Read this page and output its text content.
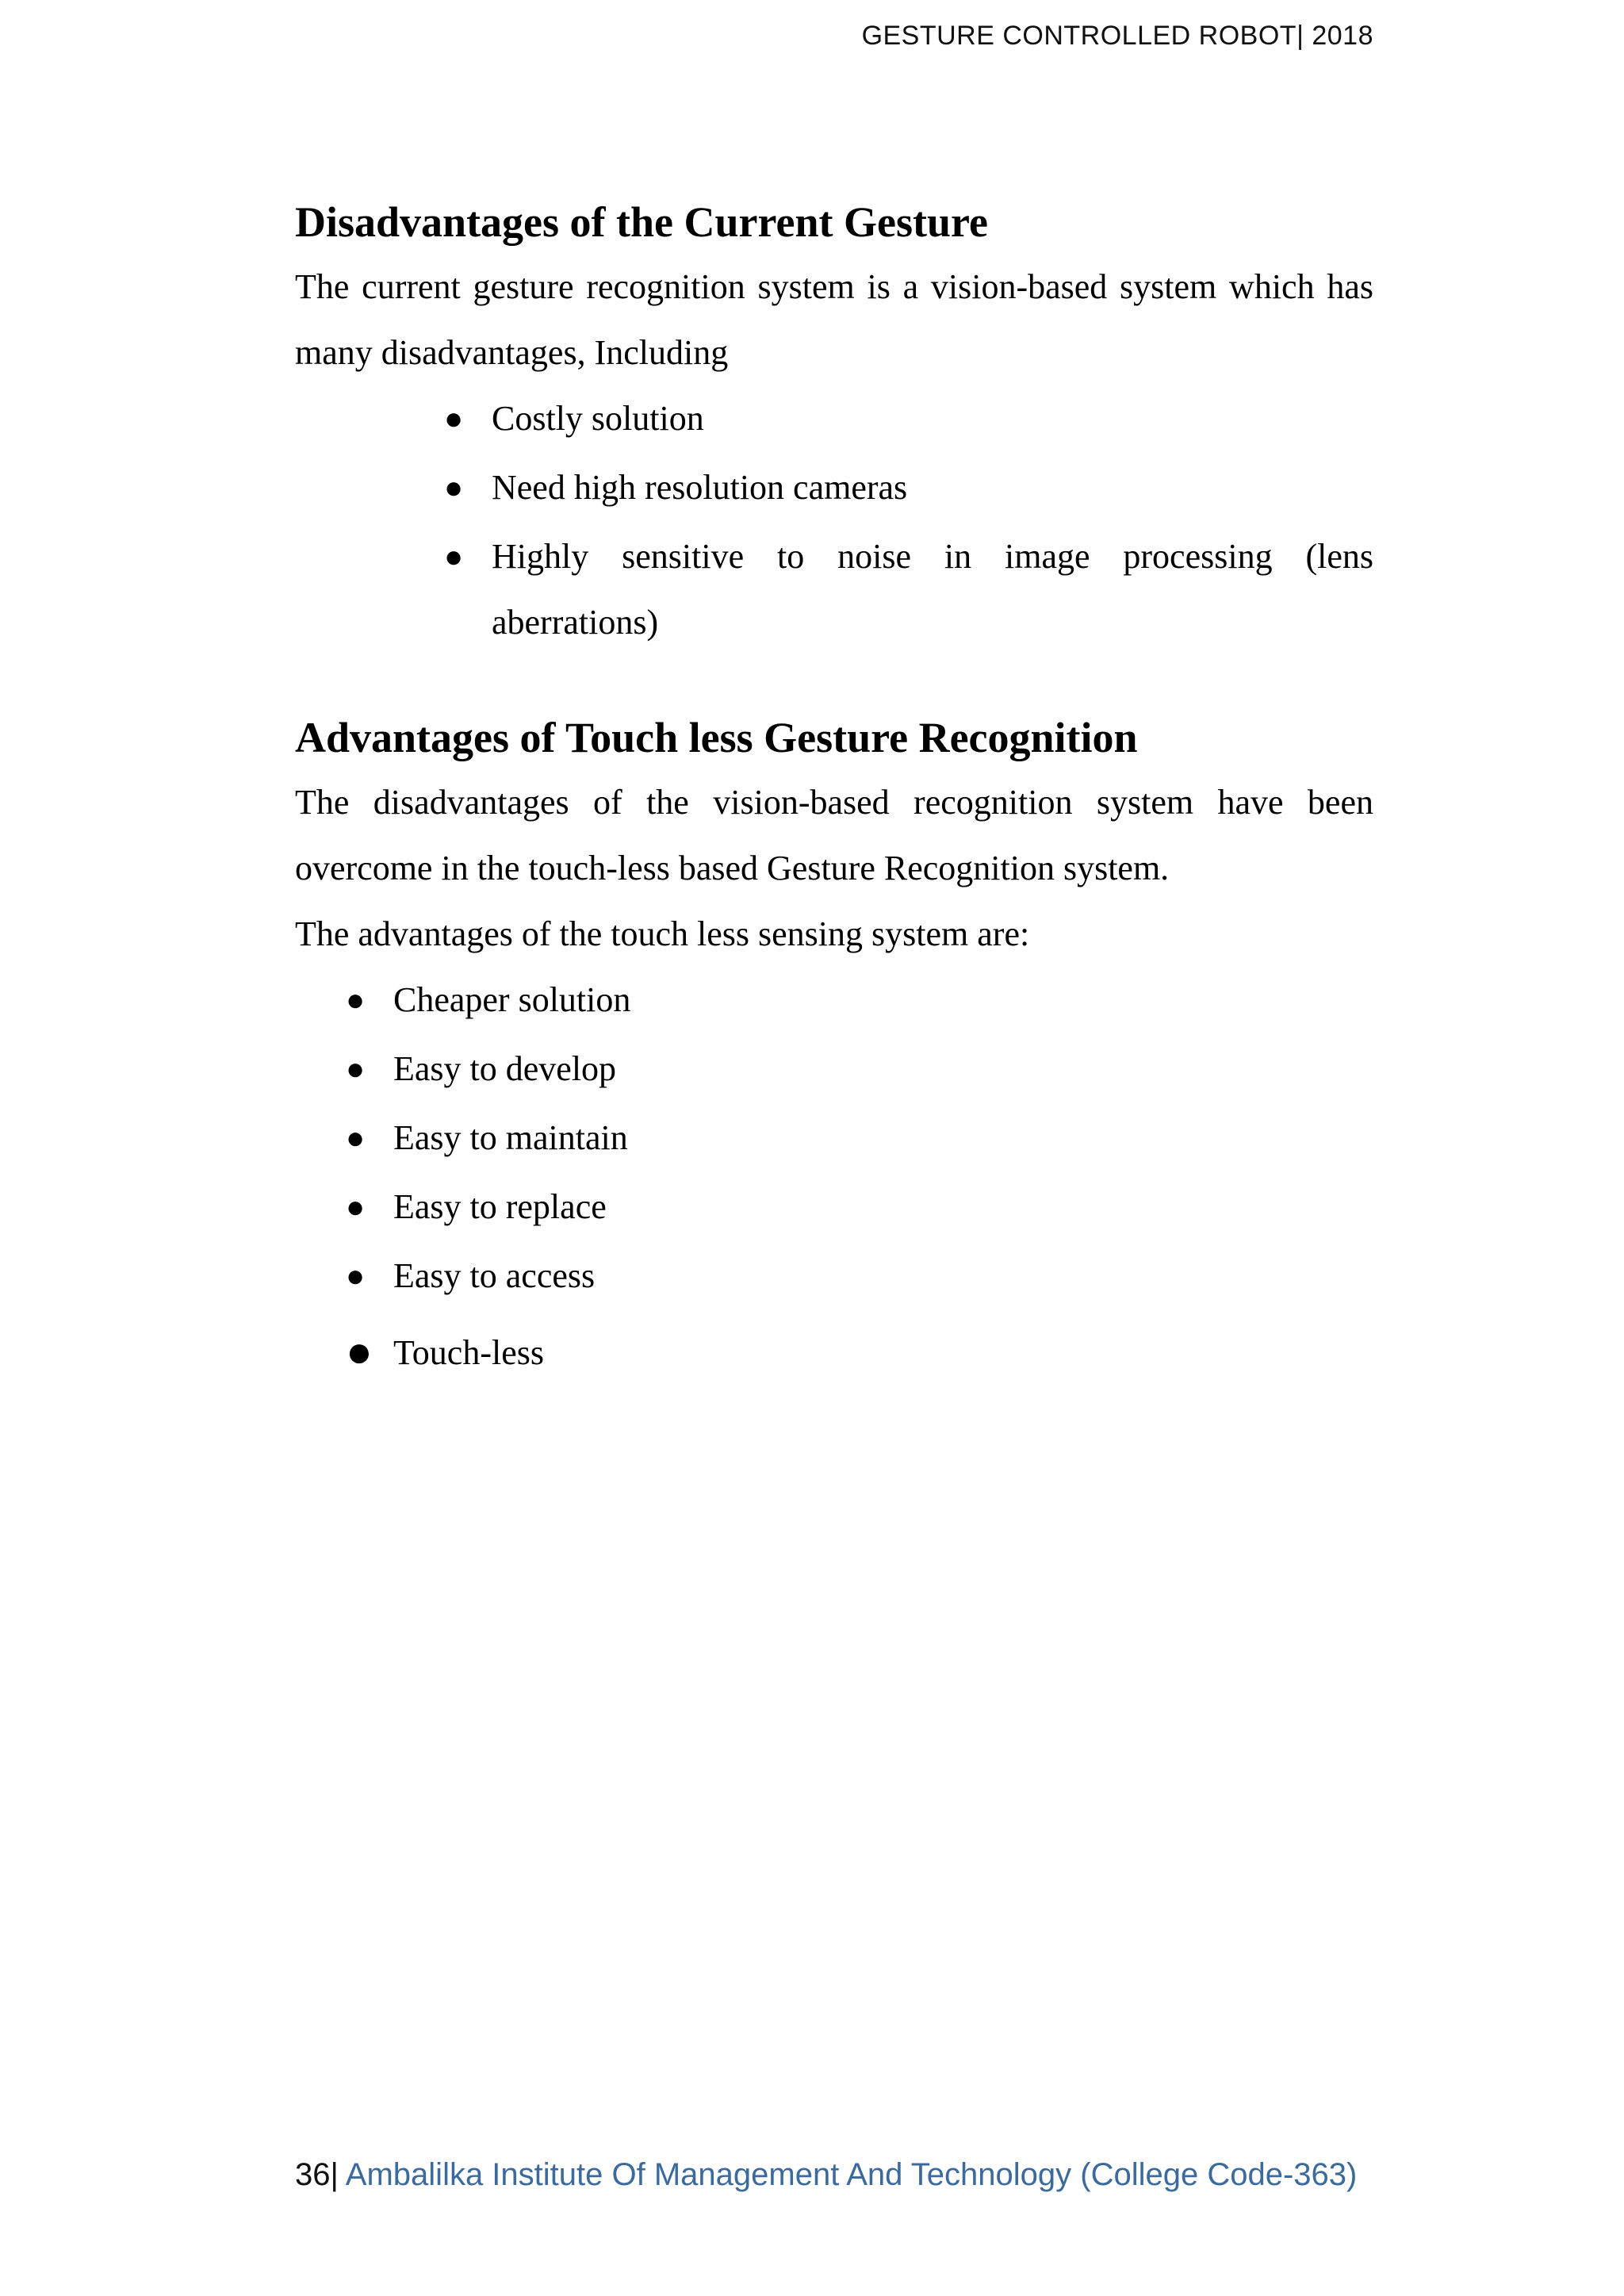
GESTURE CONTROLLED ROBOT| 2018
Disadvantages of the Current Gesture

The current gesture recognition system is a vision-based system which has many disadvantages, Including

● Costly solution
● Need high resolution cameras
● Highly sensitive to noise in image processing (lens aberrations)
Advantages of Touch less Gesture Recognition

The disadvantages of the vision-based recognition system have been overcome in the touch-less based Gesture Recognition system.

The advantages of the touch less sensing system are:

● Cheaper solution
● Easy to develop
● Easy to maintain
● Easy to replace
● Easy to access
● Touch-less
36| Ambalilka Institute Of Management And Technology (College Code-363)
